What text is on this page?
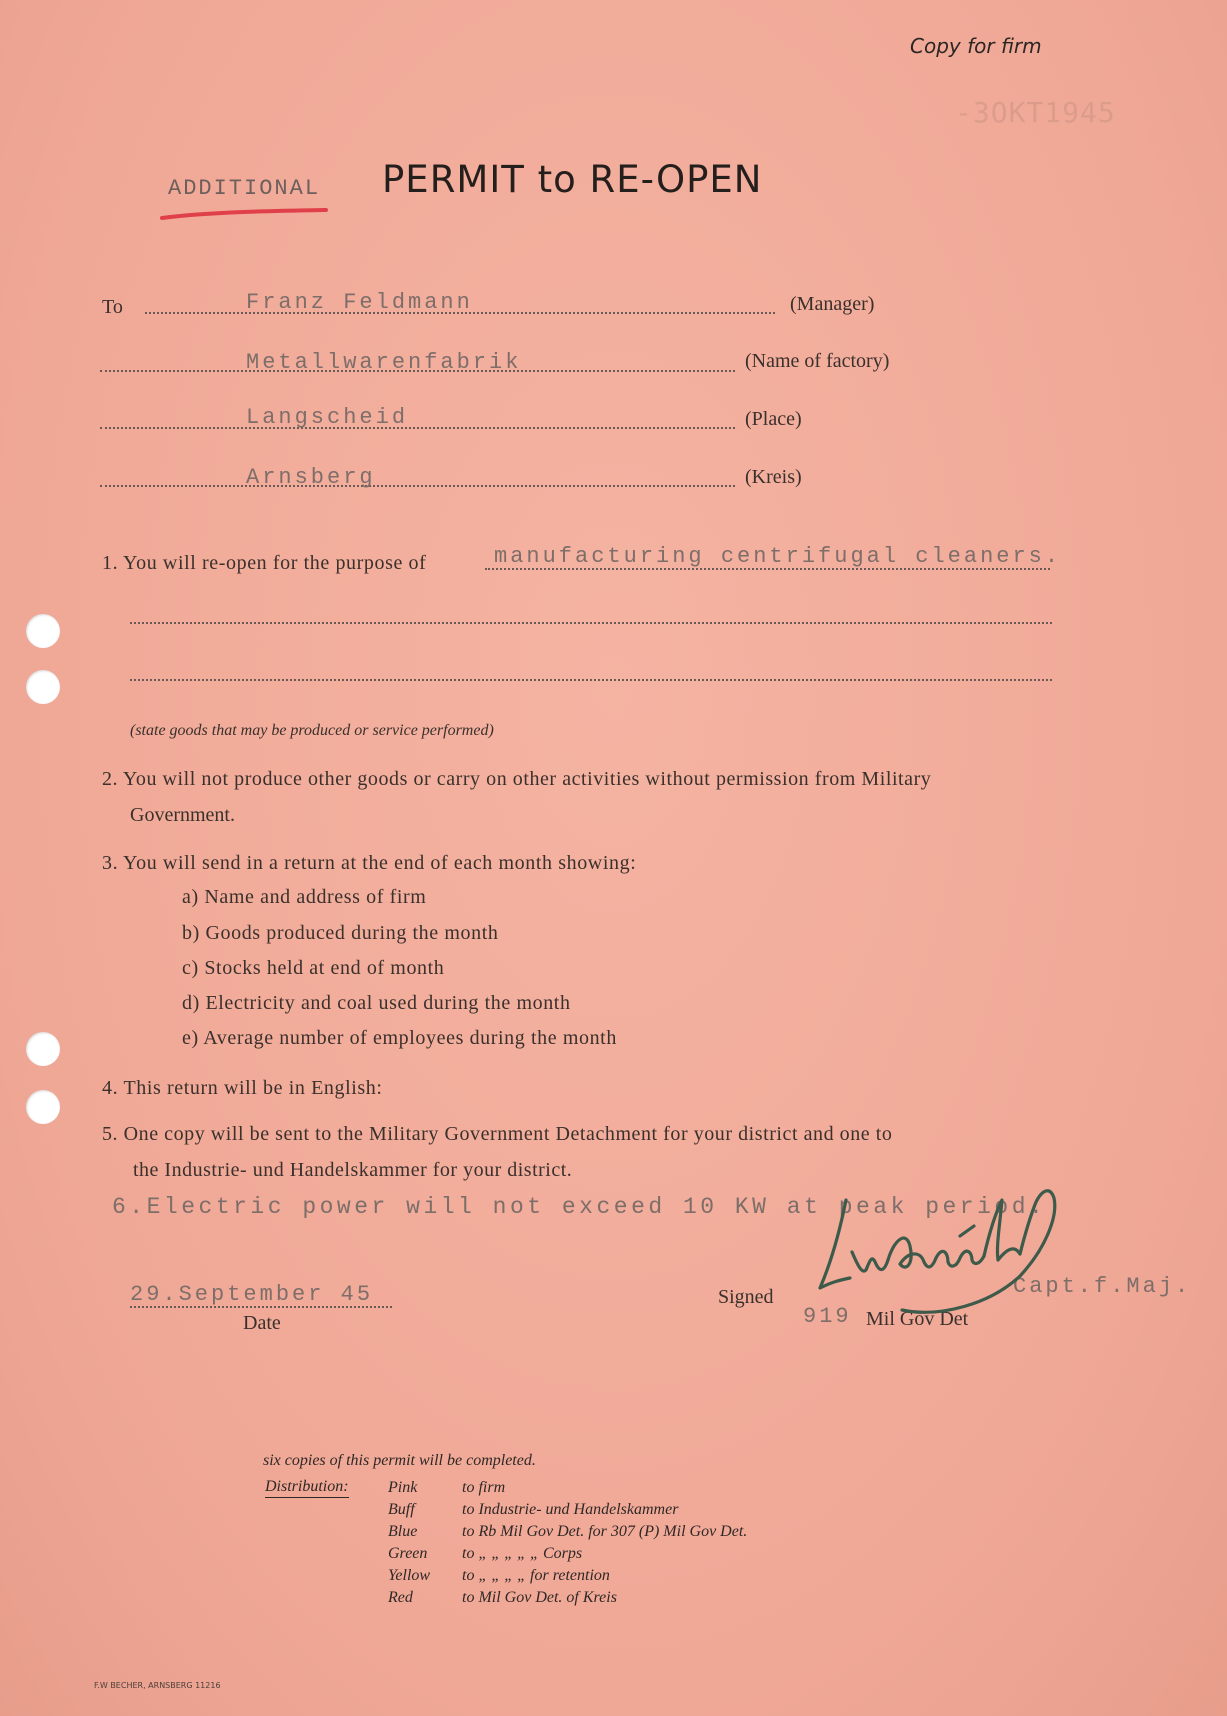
Copy for firm
-3OKT1945
ADDITIONAL PERMIT to RE-OPEN
To	Franz Feldmann	(Manager)
Metallwarenfabrik	(Name of factory)
Langscheid	(Place)
Arnsberg	(Kreis)
1. You will re-open for the purpose of	manufacturing centrifugal cleaners.
(state goods that may be produced or service performed)
2. You will not produce other goods or carry on other activities without permission from Military
Government.
3. You will send in a return at the end of each month showing:
a) Name and address of firm
b) Goods produced during the month
c) Stocks held at end of month
d) Electricity and coal used during the month
e) Average number of employees during the month
4. This return will be in English:
5. One copy will be sent to the Military Government Detachment for your district and one to
the Industrie- und Handelskammer for your district.
6.Electric power will not exceed 10 KW at peak period.
29.September 45
Date
Signed	Capt.f.Maj.
919 Mil Gov Det
six copies of this permit will be completed.
Distribution: Pink	to firm
Buff	to Industrie- und Handelskammer
Blue	to Rb Mil Gov Det. for 307 (P) Mil Gov Det.
Green to „ „ „ „ „ Corps
Yellow to „ „ „ „ for retention
Red	to Mil Gov Det. of Kreis
F.W BECHER, ARNSBERG 11216
